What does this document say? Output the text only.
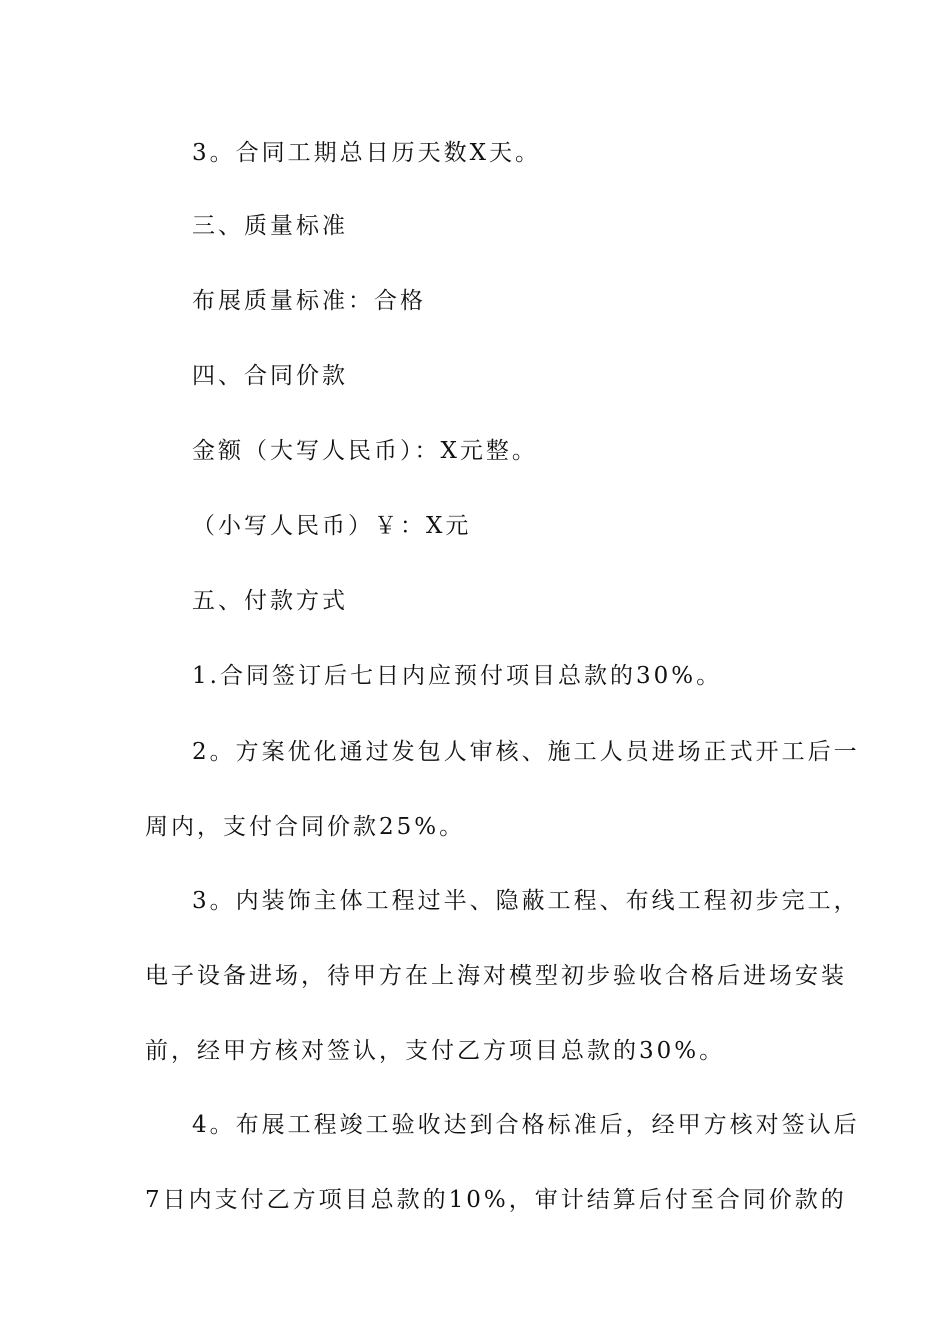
3。合同工期总日历天数X天。
三、质量标准
布展质量标准：合格
四、合同价款
金额（大写人民币）：X元整。
（小写人民币）￥：X元
五、付款方式
1.合同签订后七日内应预付项目总款的30%。
2。方案优化通过发包人审核、施工人员进场正式开工后一
周内，支付合同价款25%。
3。内装饰主体工程过半、隐蔽工程、布线工程初步完工，
电子设备进场，待甲方在上海对模型初步验收合格后进场安装
前，经甲方核对签认，支付乙方项目总款的30%。
4。布展工程竣工验收达到合格标准后，经甲方核对签认后
7日内支付乙方项目总款的10%，审计结算后付至合同价款的
